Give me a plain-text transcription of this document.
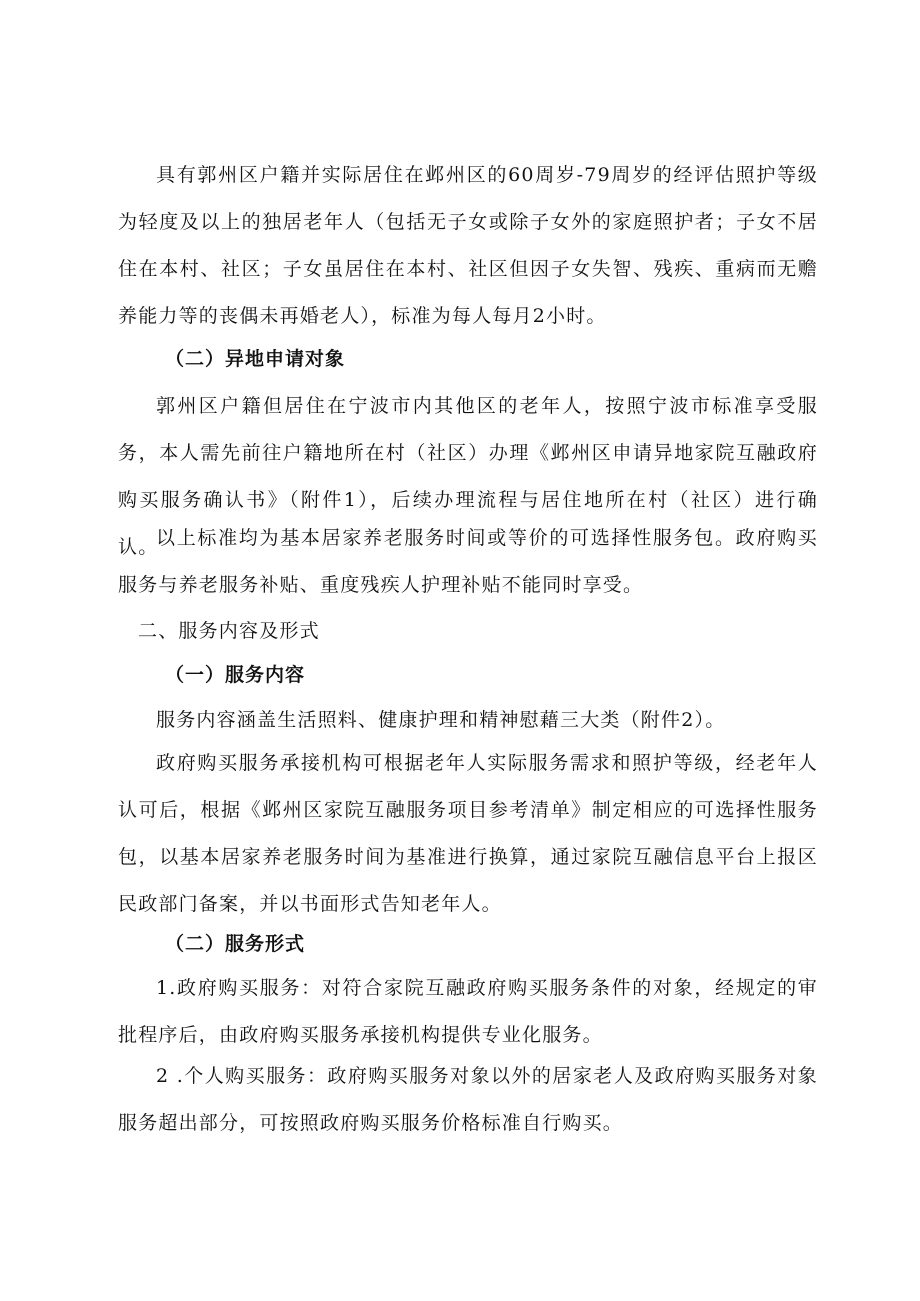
具有郭州区户籍并实际居住在邺州区的60周岁-79周岁的经评估照护等级为轻度及以上的独居老年人（包括无子女或除子女外的家庭照护者；子女不居住在本村、社区；子女虽居住在本村、社区但因子女失智、残疾、重病而无赡养能力等的丧偶未再婚老人），标准为每人每月2小时。

（二）异地申请对象

郭州区户籍但居住在宁波市内其他区的老年人，按照宁波市标准享受服务，本人需先前往户籍地所在村（社区）办理《邺州区申请异地家院互融政府购买服务确认书》（附件1），后续办理流程与居住地所在村（社区）进行确认。

以上标准均为基本居家养老服务时间或等价的可选择性服务包。政府购买服务与养老服务补贴、重度残疾人护理补贴不能同时享受。

二、服务内容及形式

（一）服务内容

服务内容涵盖生活照料、健康护理和精神慰藉三大类（附件2）。

政府购买服务承接机构可根据老年人实际服务需求和照护等级，经老年人认可后，根据《邺州区家院互融服务项目参考清单》制定相应的可选择性服务包，以基本居家养老服务时间为基准进行换算，通过家院互融信息平台上报区民政部门备案，并以书面形式告知老年人。

（二）服务形式

1.政府购买服务：对符合家院互融政府购买服务条件的对象，经规定的审批程序后，由政府购买服务承接机构提供专业化服务。

2 .个人购买服务：政府购买服务对象以外的居家老人及政府购买服务对象服务超出部分，可按照政府购买服务价格标准自行购买。
